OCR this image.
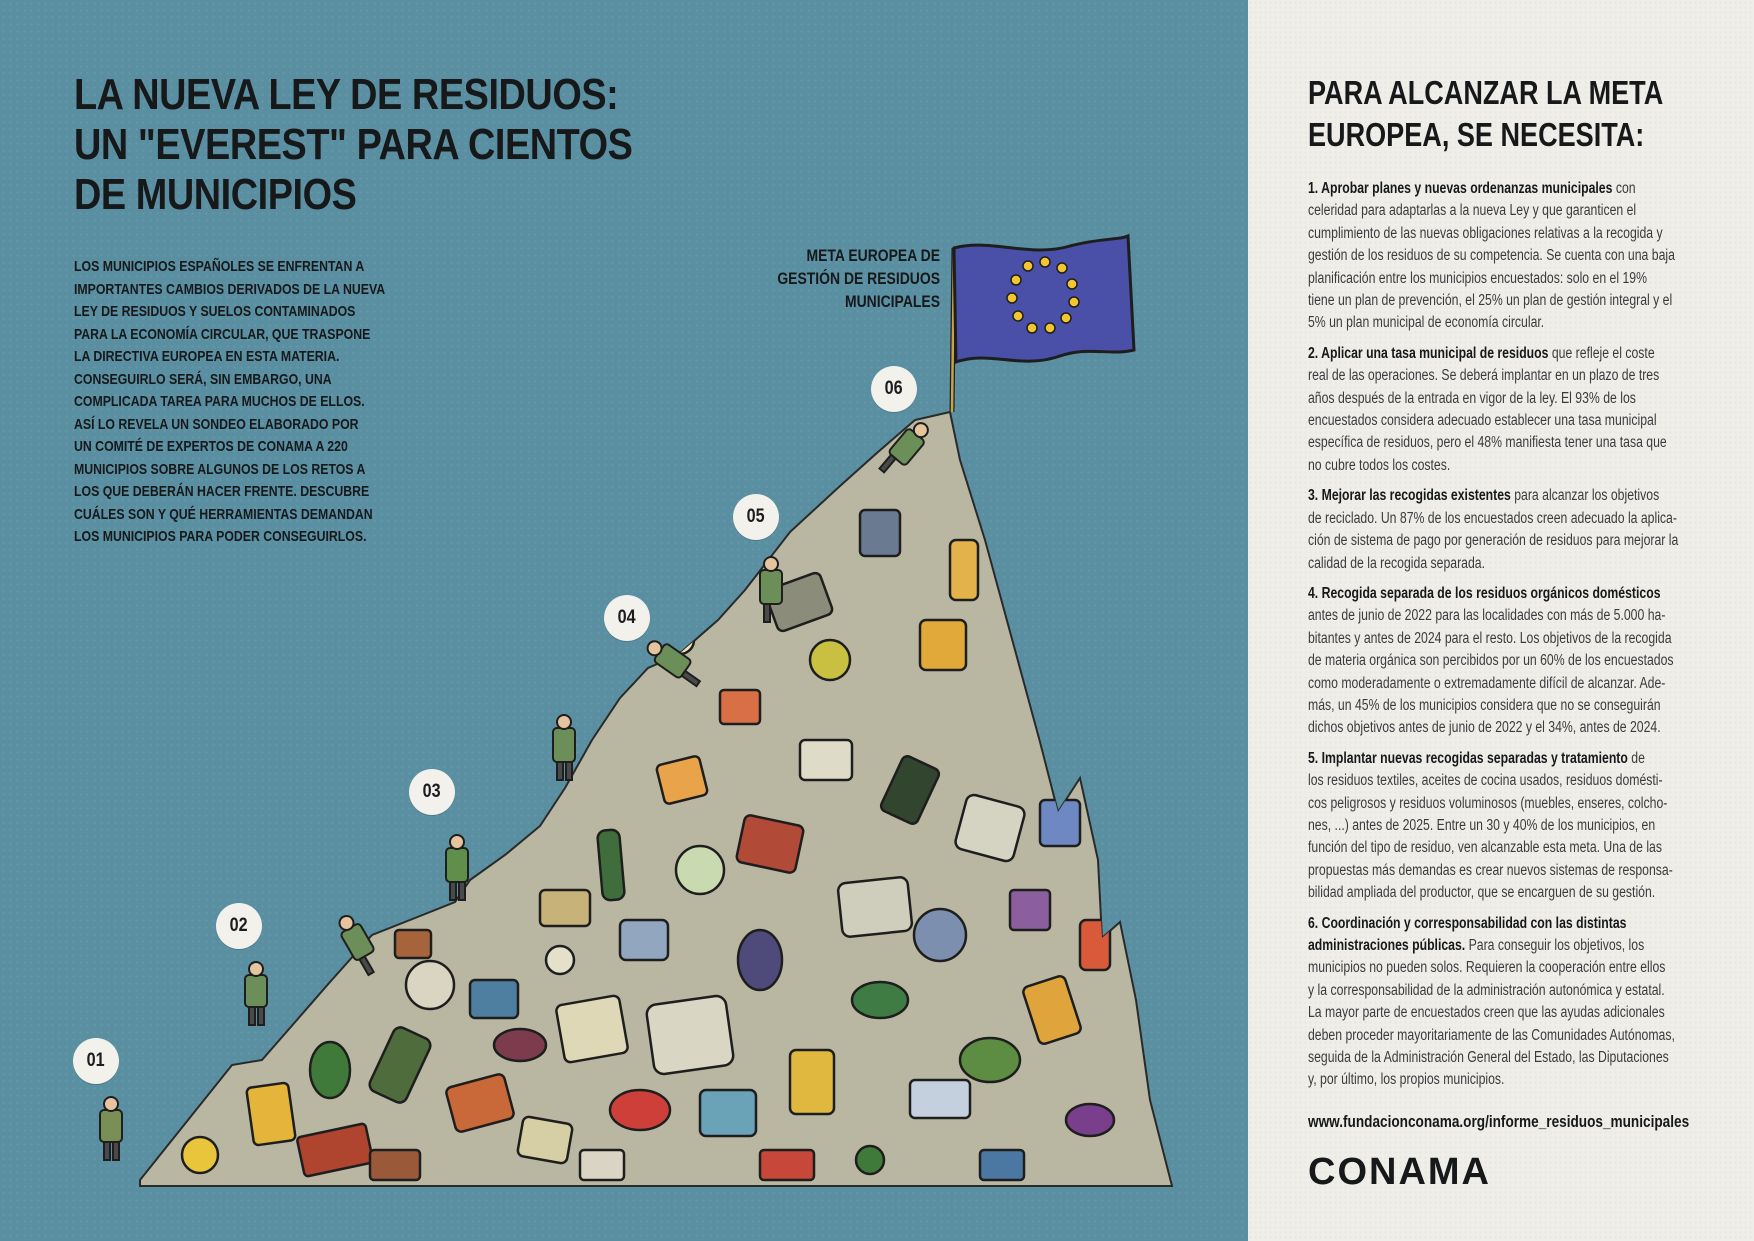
LA NUEVA LEY DE RESIDUOS:
UN "EVEREST" PARA CIENTOS
DE MUNICIPIOS

LOS MUNICIPIOS ESPAÑOLES SE ENFRENTAN A
IMPORTANTES CAMBIOS DERIVADOS DE LA NUEVA
LEY DE RESIDUOS Y SUELOS CONTAMINADOS
PARA LA ECONOMÍA CIRCULAR, QUE TRASPONE
LA DIRECTIVA EUROPEA EN ESTA MATERIA.
CONSEGUIRLO SERÁ, SIN EMBARGO, UNA
COMPLICADA TAREA PARA MUCHOS DE ELLOS.
ASÍ LO REVELA UN SONDEO ELABORADO POR
UN COMITÉ DE EXPERTOS DE CONAMA A 220
MUNICIPIOS SOBRE ALGUNOS DE LOS RETOS A
LOS QUE DEBERÁN HACER FRENTE. DESCUBRE
CUÁLES SON Y QUÉ HERRAMIENTAS DEMANDAN
LOS MUNICIPIOS PARA PODER CONSEGUIRLOS.

META EUROPEA DE
GESTIÓN DE RESIDUOS
MUNICIPALES

01
02
03
04
05
06
PARA ALCANZAR LA META
EUROPEA, SE NECESITA:

1. Aprobar planes y nuevas ordenanzas municipales con
celeridad para adaptarlas a la nueva Ley y que garanticen el
cumplimiento de las nuevas obligaciones relativas a la recogida y
gestión de los residuos de su competencia. Se cuenta con una baja
planificación entre los municipios encuestados: solo en el 19%
tiene un plan de prevención, el 25% un plan de gestión integral y el
5% un plan municipal de economía circular.

2. Aplicar una tasa municipal de residuos que refleje el coste
real de las operaciones. Se deberá implantar en un plazo de tres
años después de la entrada en vigor de la ley. El 93% de los
encuestados considera adecuado establecer una tasa municipal
específica de residuos, pero el 48% manifiesta tener una tasa que
no cubre todos los costes.

3. Mejorar las recogidas existentes para alcanzar los objetivos
de reciclado. Un 87% de los encuestados creen adecuado la aplica-
ción de sistema de pago por generación de residuos para mejorar la
calidad de la recogida separada.

4. Recogida separada de los residuos orgánicos domésticos
antes de junio de 2022 para las localidades con más de 5.000 ha-
bitantes y antes de 2024 para el resto. Los objetivos de la recogida
de materia orgánica son percibidos por un 60% de los encuestados
como moderadamente o extremadamente difícil de alcanzar. Ade-
más, un 45% de los municipios considera que no se conseguirán
dichos objetivos antes de junio de 2022 y el 34%, antes de 2024.

5. Implantar nuevas recogidas separadas y tratamiento de
los residuos textiles, aceites de cocina usados, residuos domésti-
cos peligrosos y residuos voluminosos (muebles, enseres, colcho-
nes, ...) antes de 2025. Entre un 30 y 40% de los municipios, en
función del tipo de residuo, ven alcanzable esta meta. Una de las
propuestas más demandas es crear nuevos sistemas de responsa-
bilidad ampliada del productor, que se encarguen de su gestión.

6. Coordinación y corresponsabilidad con las distintas
administraciones públicas. Para conseguir los objetivos, los
municipios no pueden solos. Requieren la cooperación entre ellos
y la corresponsabilidad de la administración autonómica y estatal.
La mayor parte de encuestados creen que las ayudas adicionales
deben proceder mayoritariamente de las Comunidades Autónomas,
seguida de la Administración General del Estado, las Diputaciones
y, por último, los propios municipios.

www.fundacionconama.org/informe_residuos_municipales

CONAMA
